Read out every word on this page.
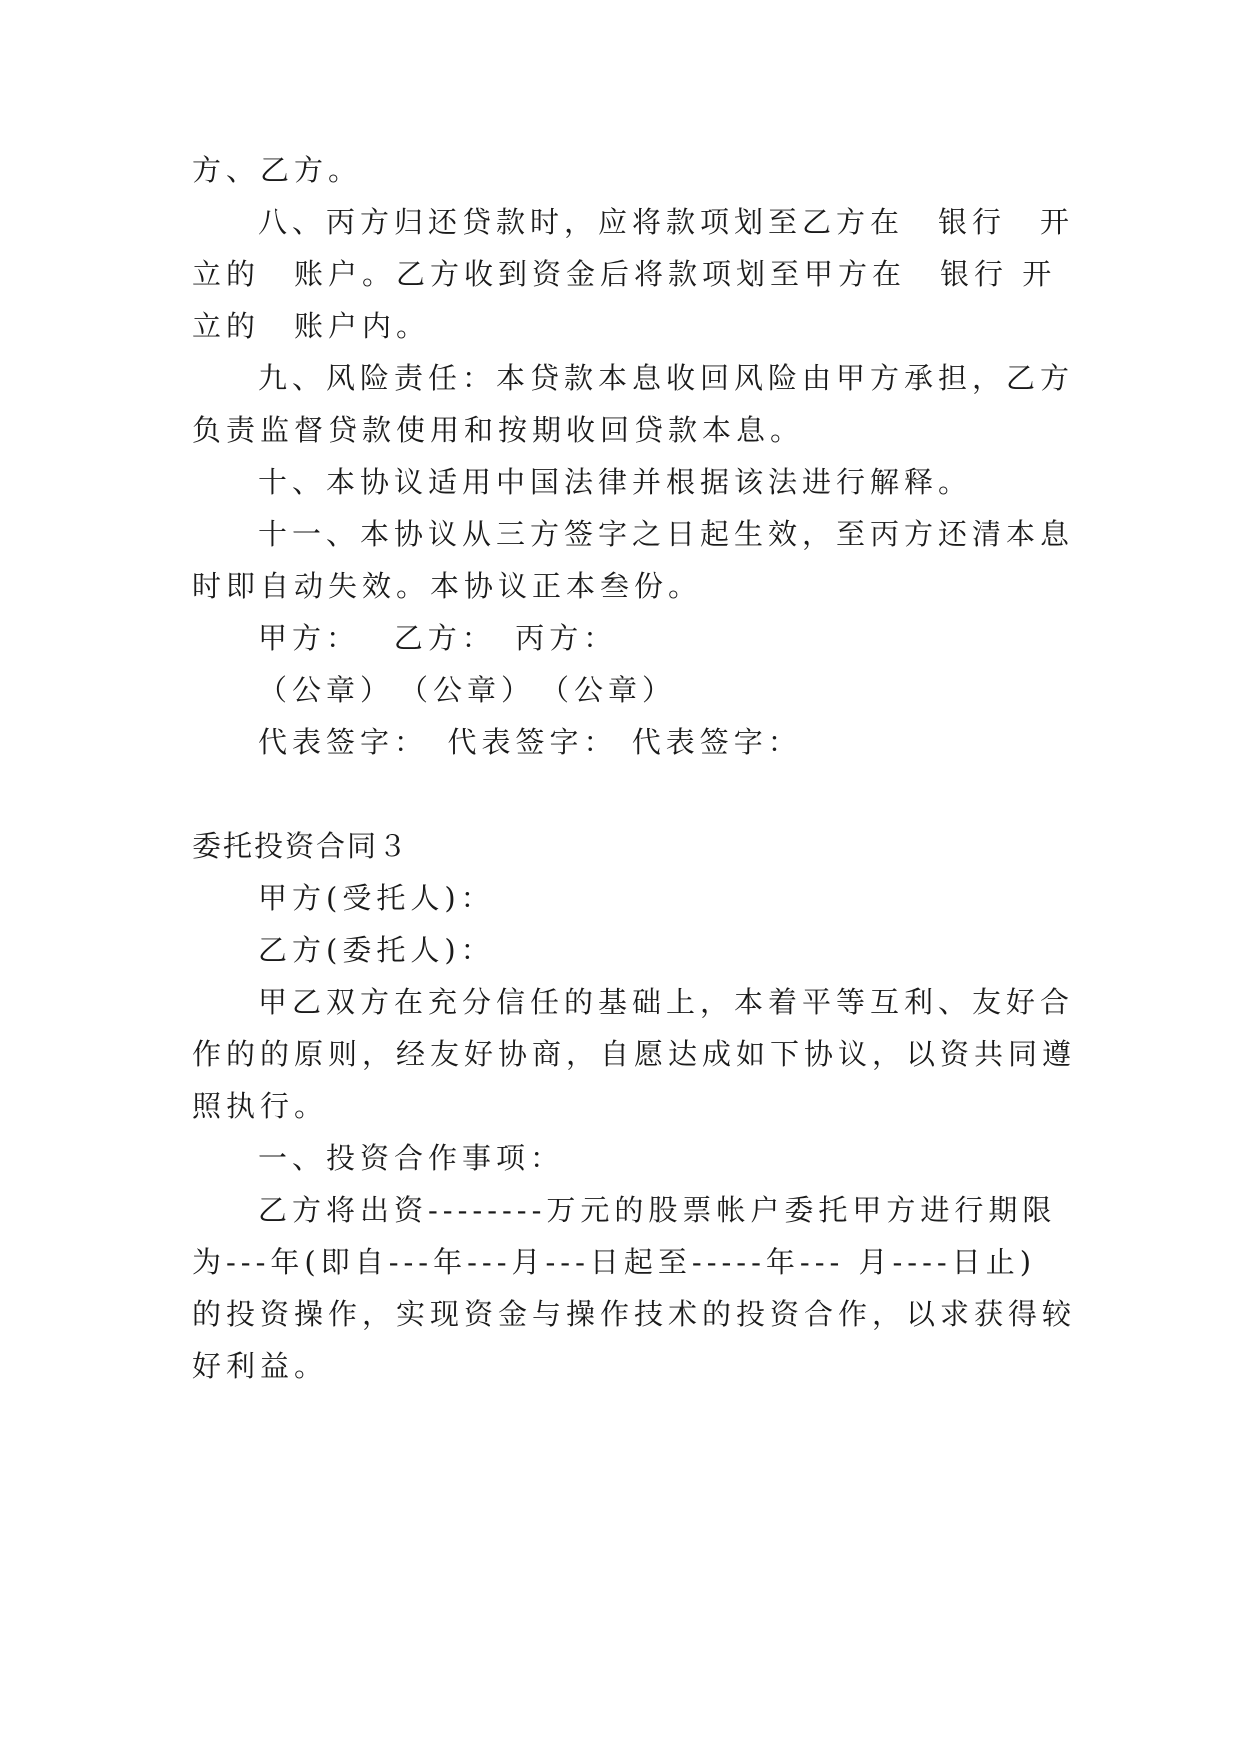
方、乙方。
八、丙方归还贷款时，应将款项划至乙方在　银行　开
立的　账户。乙方收到资金后将款项划至甲方在　银行 开
立的　账户内。
九、风险责任：本贷款本息收回风险由甲方承担，乙方
负责监督贷款使用和按期收回贷款本息。
十、本协议适用中国法律并根据该法进行解释。
十一、本协议从三方签字之日起生效，至丙方还清本息
时即自动失效。本协议正本叁份。
甲方：　 乙方：　丙方：
（公章）　（公章）　（公章）
代表签字：　代表签字： 代表签字：
委托投资合同３
甲方(受托人)：
乙方(委托人)：
甲乙双方在充分信任的基础上，本着平等互利、友好合
作的的原则，经友好协商，自愿达成如下协议，以资共同遵
照执行。
一、投资合作事项：
乙方将出资--------万元的股票帐户委托甲方进行期限
为---年(即自---年---月---日起至-----年--- 月----日止)
的投资操作，实现资金与操作技术的投资合作，以求获得较
好利益。
